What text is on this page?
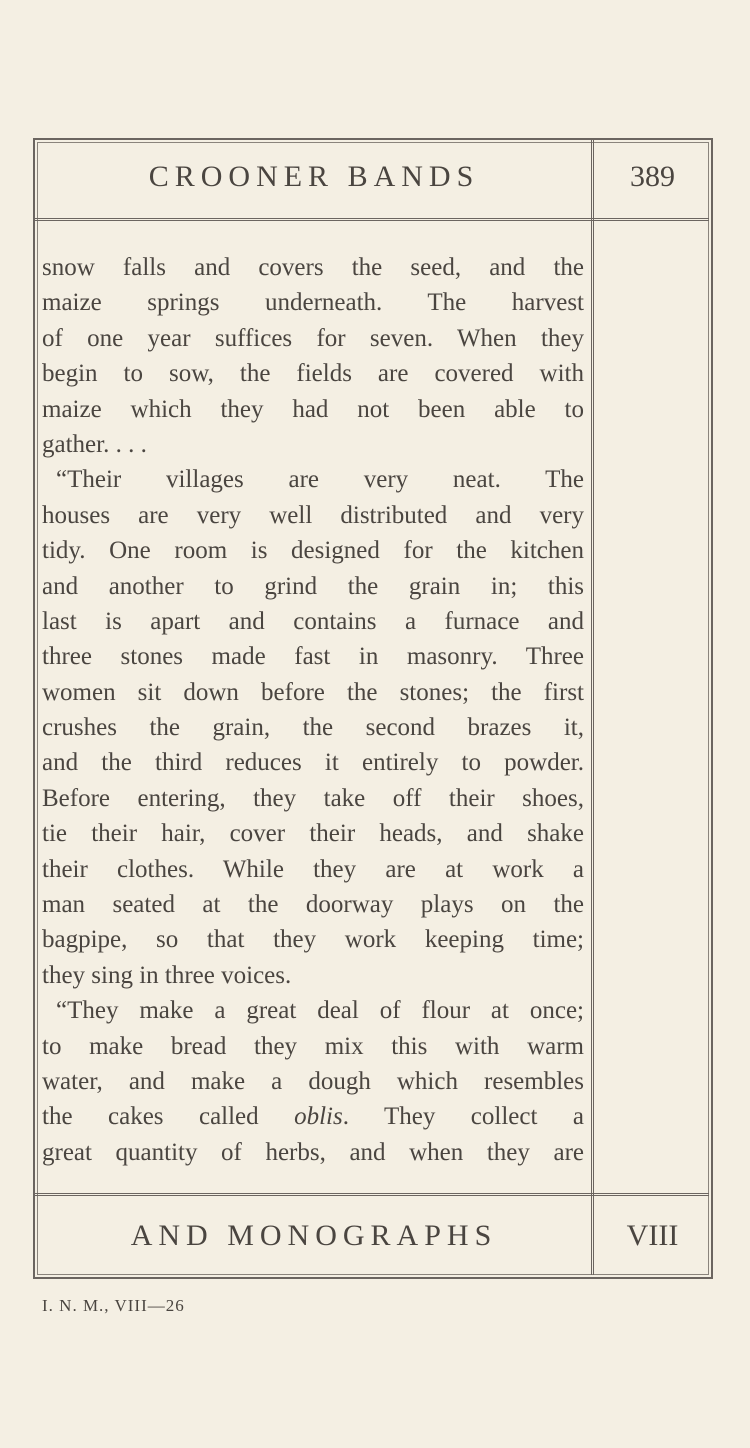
CROONER BANDS	389
snow falls and covers the seed, and the
maize springs underneath. The harvest
of one year suffices for seven. When they
begin to sow, the fields are covered with
maize which they had not been able to
gather. . . .
“Their villages are very neat. The
houses are very well distributed and very
tidy. One room is designed for the kitchen
and another to grind the grain in; this
last is apart and contains a furnace and
three stones made fast in masonry. Three
women sit down before the stones; the first
crushes the grain, the second brazes it,
and the third reduces it entirely to powder.
Before entering, they take off their shoes,
tie their hair, cover their heads, and shake
their clothes. While they are at work a
man seated at the doorway plays on the
bagpipe, so that they work keeping time;
they sing in three voices.
“They make a great deal of flour at once;
to make bread they mix this with warm
water, and make a dough which resembles
the cakes called oblis. They collect a
great quantity of herbs, and when they are
AND MONOGRAPHS	VIII
I. N. M., VIII—26
